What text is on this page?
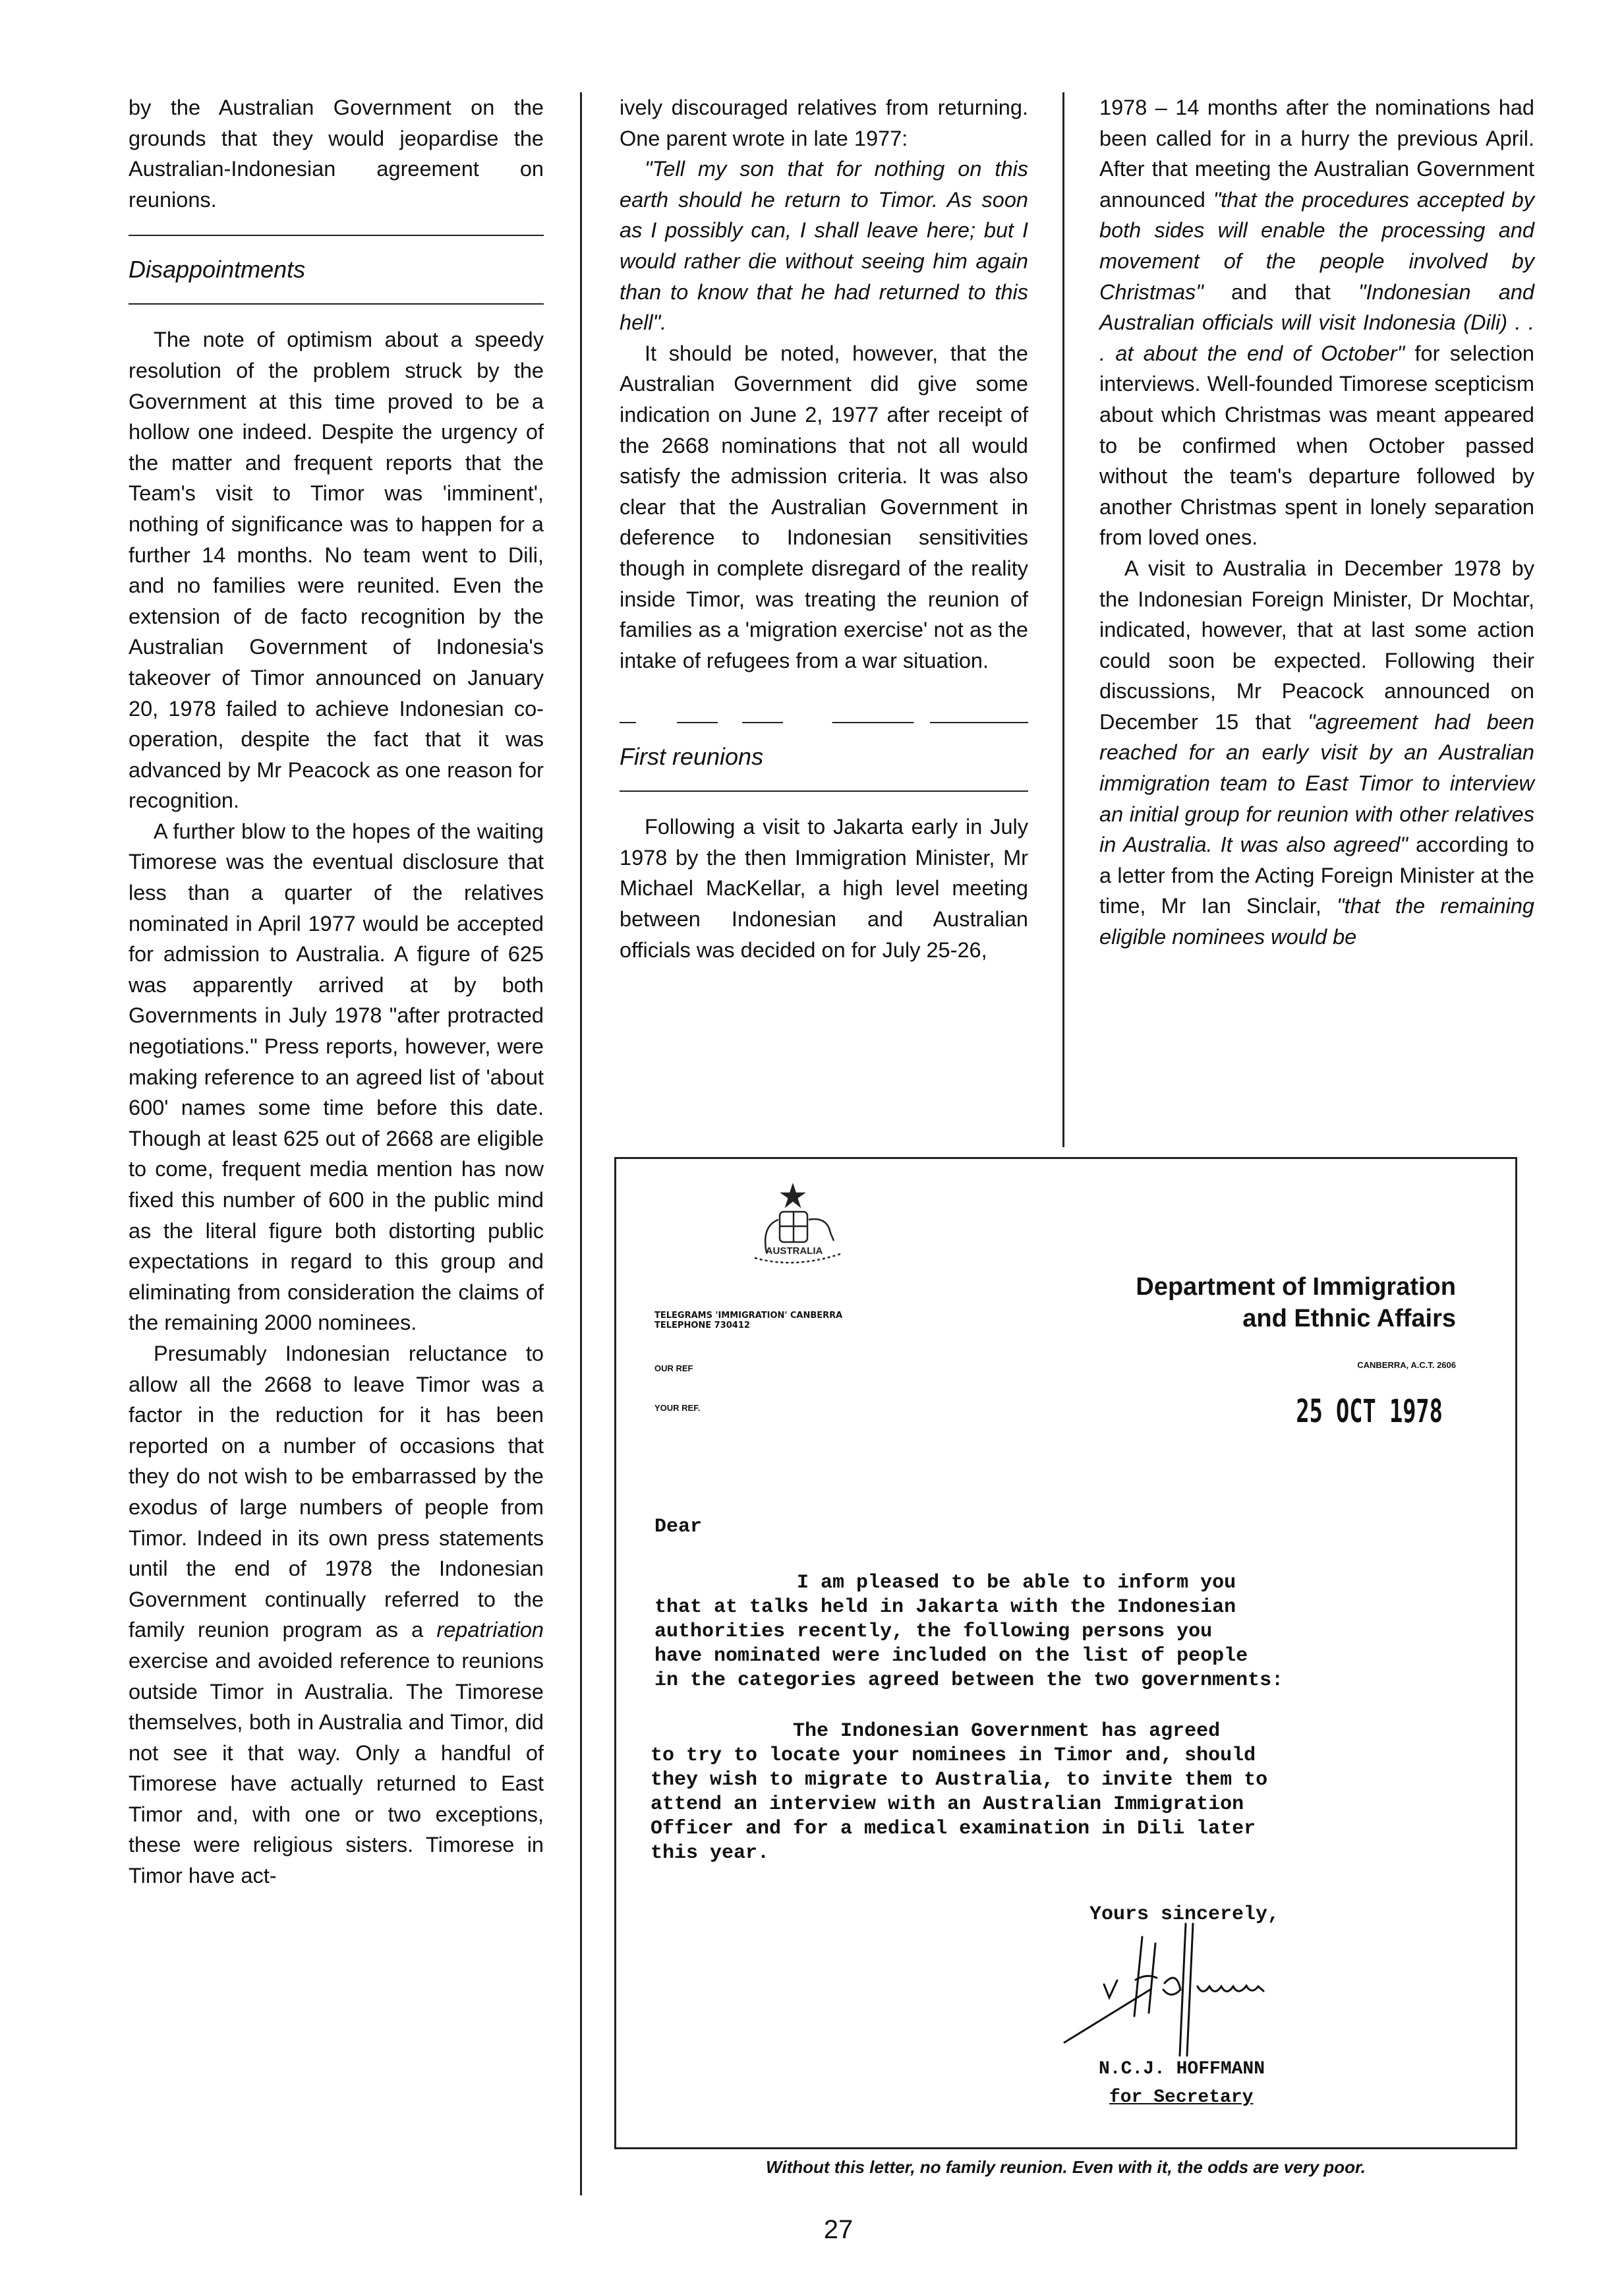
by the Australian Government on the grounds that they would jeopardise the Australian-Indonesian agreement on reunions.

Disappointments

The note of optimism about a speedy resolution of the problem struck by the Government at this time proved to be a hollow one indeed. Despite the urgency of the matter and frequent reports that the Team's visit to Timor was 'imminent', nothing of significance was to happen for a further 14 months. No team went to Dili, and no families were reunited. Even the extension of de facto recognition by the Australian Government of Indonesia's takeover of Timor announced on January 20, 1978 failed to achieve Indonesian co-operation, despite the fact that it was advanced by Mr Peacock as one reason for recognition.

A further blow to the hopes of the waiting Timorese was the eventual disclosure that less than a quarter of the relatives nominated in April 1977 would be accepted for admission to Australia. A figure of 625 was apparently arrived at by both Governments in July 1978 "after protracted negotiations." Press reports, however, were making reference to an agreed list of 'about 600' names some time before this date. Though at least 625 out of 2668 are eligible to come, frequent media mention has now fixed this number of 600 in the public mind as the literal figure both distorting public expectations in regard to this group and eliminating from consideration the claims of the remaining 2000 nominees.

Presumably Indonesian reluctance to allow all the 2668 to leave Timor was a factor in the reduction for it has been reported on a number of occasions that they do not wish to be embarrassed by the exodus of large numbers of people from Timor. Indeed in its own press statements until the end of 1978 the Indonesian Government continually referred to the family reunion program as a repatriation exercise and avoided reference to reunions outside Timor in Australia. The Timorese themselves, both in Australia and Timor, did not see it that way. Only a handful of Timorese have actually returned to East Timor and, with one or two exceptions, these were religious sisters. Timorese in Timor have act-

ively discouraged relatives from returning. One parent wrote in late 1977:

"Tell my son that for nothing on this earth should he return to Timor. As soon as I possibly can, I shall leave here; but I would rather die without seeing him again than to know that he had returned to this hell".

It should be noted, however, that the Australian Government did give some indication on June 2, 1977 after receipt of the 2668 nominations that not all would satisfy the admission criteria. It was also clear that the Australian Government in deference to Indonesian sensitivities though in complete disregard of the reality inside Timor, was treating the reunion of families as a 'migration exercise' not as the intake of refugees from a war situation.

First reunions

Following a visit to Jakarta early in July 1978 by the then Immigration Minister, Mr Michael MacKellar, a high level meeting between Indonesian and Australian officials was decided on for July 25-26,

1978 – 14 months after the nominations had been called for in a hurry the previous April. After that meeting the Australian Government announced "that the procedures accepted by both sides will enable the processing and movement of the people involved by Christmas" and that "Indonesian and Australian officials will visit Indonesia (Dili) . . . at about the end of October" for selection interviews. Well-founded Timorese scepticism about which Christmas was meant appeared to be confirmed when October passed without the team's departure followed by another Christmas spent in lonely separation from loved ones.

A visit to Australia in December 1978 by the Indonesian Foreign Minister, Dr Mochtar, indicated, however, that at last some action could soon be expected. Following their discussions, Mr Peacock announced on December 15 that "agreement had been reached for an early visit by an Australian immigration team to East Timor to interview an initial group for reunion with other relatives in Australia. It was also agreed" according to a letter from the Acting Foreign Minister at the time, Mr Ian Sinclair, "that the remaining eligible nominees would be

AUSTRALIA
TELEGRAMS 'IMMIGRATION' CANBERRA
TELEPHONE 730412
OUR REF
YOUR REF.
Department of Immigration
and Ethnic Affairs
CANBERRA, A.C.T. 2606
25 OCT 1978
Dear
I am pleased to be able to inform you
that at talks held in Jakarta with the Indonesian
authorities recently, the following persons you
have nominated were included on the list of people
in the categories agreed between the two governments:
The Indonesian Government has agreed
to try to locate your nominees in Timor and, should
they wish to migrate to Australia, to invite them to
attend an interview with an Australian Immigration
Officer and for a medical examination in Dili later
this year.
Yours sincerely,
N.C.J. HOFFMANN
for Secretary
Without this letter, no family reunion. Even with it, the odds are very poor.
27
